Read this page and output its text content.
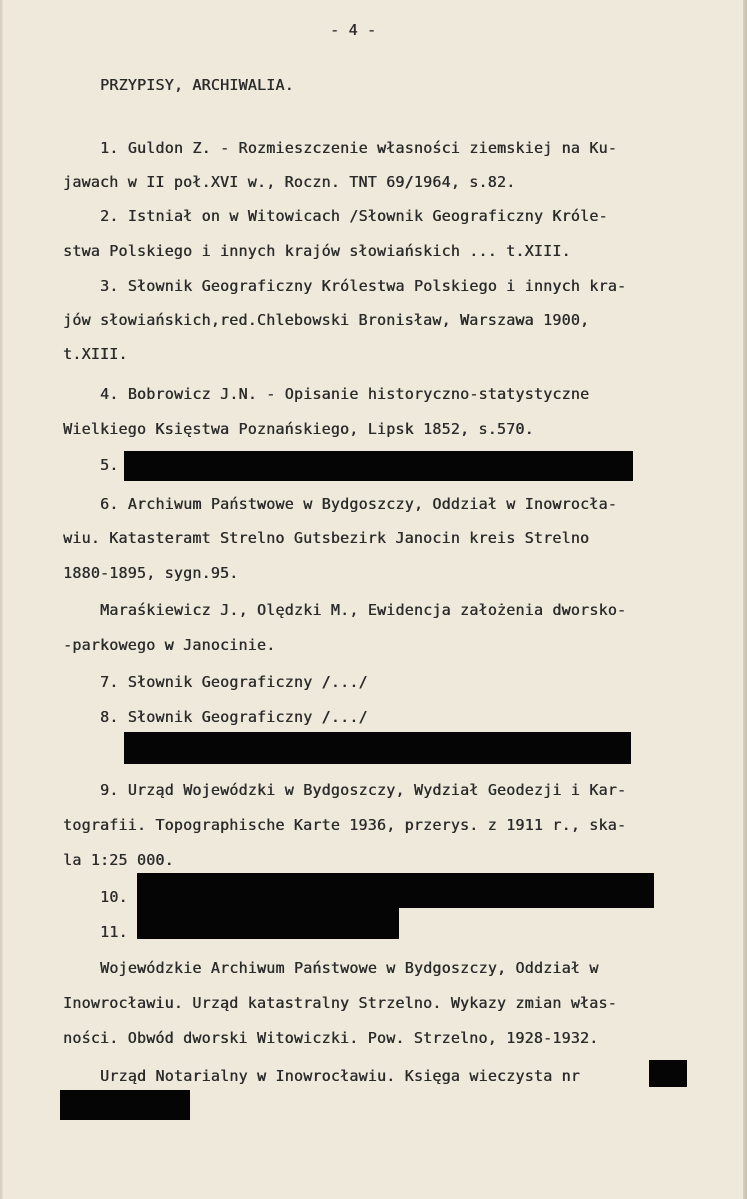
- 4 -
PRZYPISY, ARCHIWALIA.
1. Guldon Z. - Rozmieszczenie własności ziemskiej na Ku-
jawach w II poł.XVI w., Roczn. TNT 69/1964, s.82.
2. Istniał on w Witowicach /Słownik Geograficzny Króle-
stwa Polskiego i innych krajów słowiańskich ... t.XIII.
3. Słownik Geograficzny Królestwa Polskiego i innych kra-
jów słowiańskich,red.Chlebowski Bronisław, Warszawa 1900,
t.XIII.
4. Bobrowicz J.N. - Opisanie historyczno-statystyczne
Wielkiego Księstwa Poznańskiego, Lipsk 1852, s.570.
5.
6. Archiwum Państwowe w Bydgoszczy, Oddział w Inowrocła-
wiu. Katasteramt Strelno Gutsbezirk Janocin kreis Strelno
1880-1895, sygn.95.
Maraśkiewicz J., Olędzki M., Ewidencja założenia dworsko-
-parkowego w Janocinie.
7. Słownik Geograficzny /.../
8. Słownik Geograficzny /.../
9. Urząd Wojewódzki w Bydgoszczy, Wydział Geodezji i Kar-
tografii. Topographische Karte 1936, przerys. z 1911 r., ska-
la 1:25 000.
10.
11.
Wojewódzkie Archiwum Państwowe w Bydgoszczy, Oddział w
Inowrocławiu. Urząd katastralny Strzelno. Wykazy zmian włas-
ności. Obwód dworski Witowiczki. Pow. Strzelno, 1928-1932.
Urząd Notarialny w Inowrocławiu. Księga wieczysta nr
